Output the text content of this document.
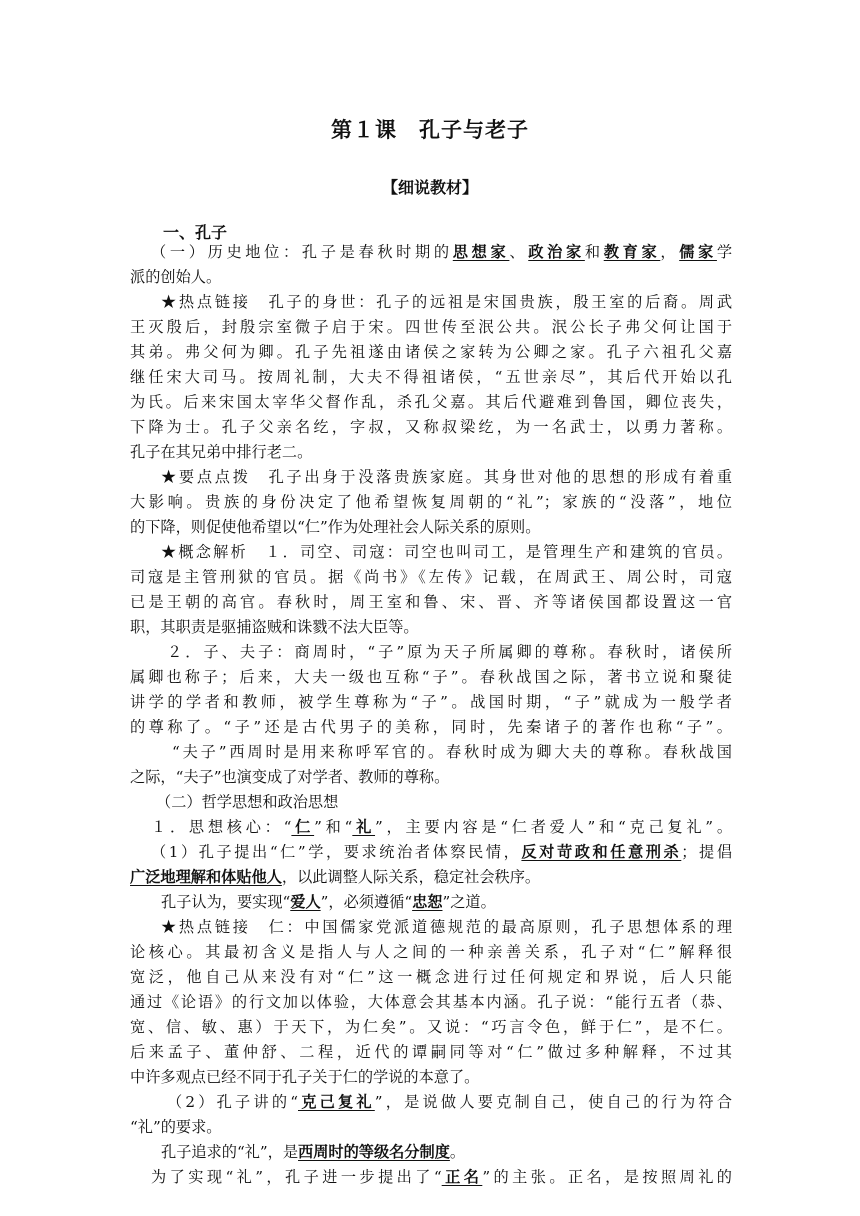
第１课　孔子与老子
【细说教材】
一、孔子
（一）历史地位：孔子是春秋时期的思想家、政治家和教育家，儒家学
派的创始人。
★热点链接　孔子的身世：孔子的远祖是宋国贵族，殷王室的后裔。周武
王灭殷后，封殷宗室微子启于宋。四世传至泯公共。泯公长子弗父何让国于
其弟。弗父何为卿。孔子先祖遂由诸侯之家转为公卿之家。孔子六祖孔父嘉
继任宋大司马。按周礼制，大夫不得祖诸侯，“五世亲尽”，其后代开始以孔
为氏。后来宋国太宰华父督作乱，杀孔父嘉。其后代避难到鲁国，卿位丧失，
下降为士。孔子父亲名纥，字叔，又称叔梁纥，为一名武士，以勇力著称。
孔子在其兄弟中排行老二。
★要点点拨　孔子出身于没落贵族家庭。其身世对他的思想的形成有着重
大影响。贵族的身份决定了他希望恢复周朝的“礼”；家族的“没落”，地位
的下降，则促使他希望以“仁”作为处理社会人际关系的原则。
★概念解析　１．司空、司寇：司空也叫司工，是管理生产和建筑的官员。
司寇是主管刑狱的官员。据《尚书》《左传》记载，在周武王、周公时，司寇
已是王朝的高官。春秋时，周王室和鲁、宋、晋、齐等诸侯国都设置这一官
职，其职责是驱捕盗贼和诛戮不法大臣等。
２．子、夫子：商周时，“子”原为天子所属卿的尊称。春秋时，诸侯所
属卿也称子；后来，大夫一级也互称“子”。春秋战国之际，著书立说和聚徒
讲学的学者和教师，被学生尊称为“子”。战国时期，“子”就成为一般学者
的尊称了。“子”还是古代男子的美称，同时，先秦诸子的著作也称“子”。
“夫子”西周时是用来称呼军官的。春秋时成为卿大夫的尊称。春秋战国
之际，“夫子”也演变成了对学者、教师的尊称。
（二）哲学思想和政治思想
１．思想核心：“仁”和“礼”，主要内容是“仁者爱人”和“克己复礼”。
（1）孔子提出“仁”学，要求统治者体察民情，反对苛政和任意刑杀；提倡
广泛地理解和体贴他人，以此调整人际关系，稳定社会秩序。
孔子认为，要实现“爱人”，必须遵循“忠恕”之道。
★热点链接　仁：中国儒家党派道德规范的最高原则，孔子思想体系的理
论核心。其最初含义是指人与人之间的一种亲善关系，孔子对“仁”解释很
宽泛，他自己从来没有对“仁”这一概念进行过任何规定和界说，后人只能
通过《论语》的行文加以体验，大体意会其基本内涵。孔子说：“能行五者（恭、
宽、信、敏、惠）于天下，为仁矣”。又说：“巧言令色，鲜于仁”，是不仁。
后来孟子、董仲舒、二程，近代的谭嗣同等对“仁”做过多种解释，不过其
中许多观点已经不同于孔子关于仁的学说的本意了。
（2）孔子讲的“克己复礼”，是说做人要克制自己，使自己的行为符合
“礼”的要求。
孔子追求的“礼”，是西周时的等级名分制度。
为了实现“礼”，孔子进一步提出了“正名”的主张。正名，是按照周礼的
